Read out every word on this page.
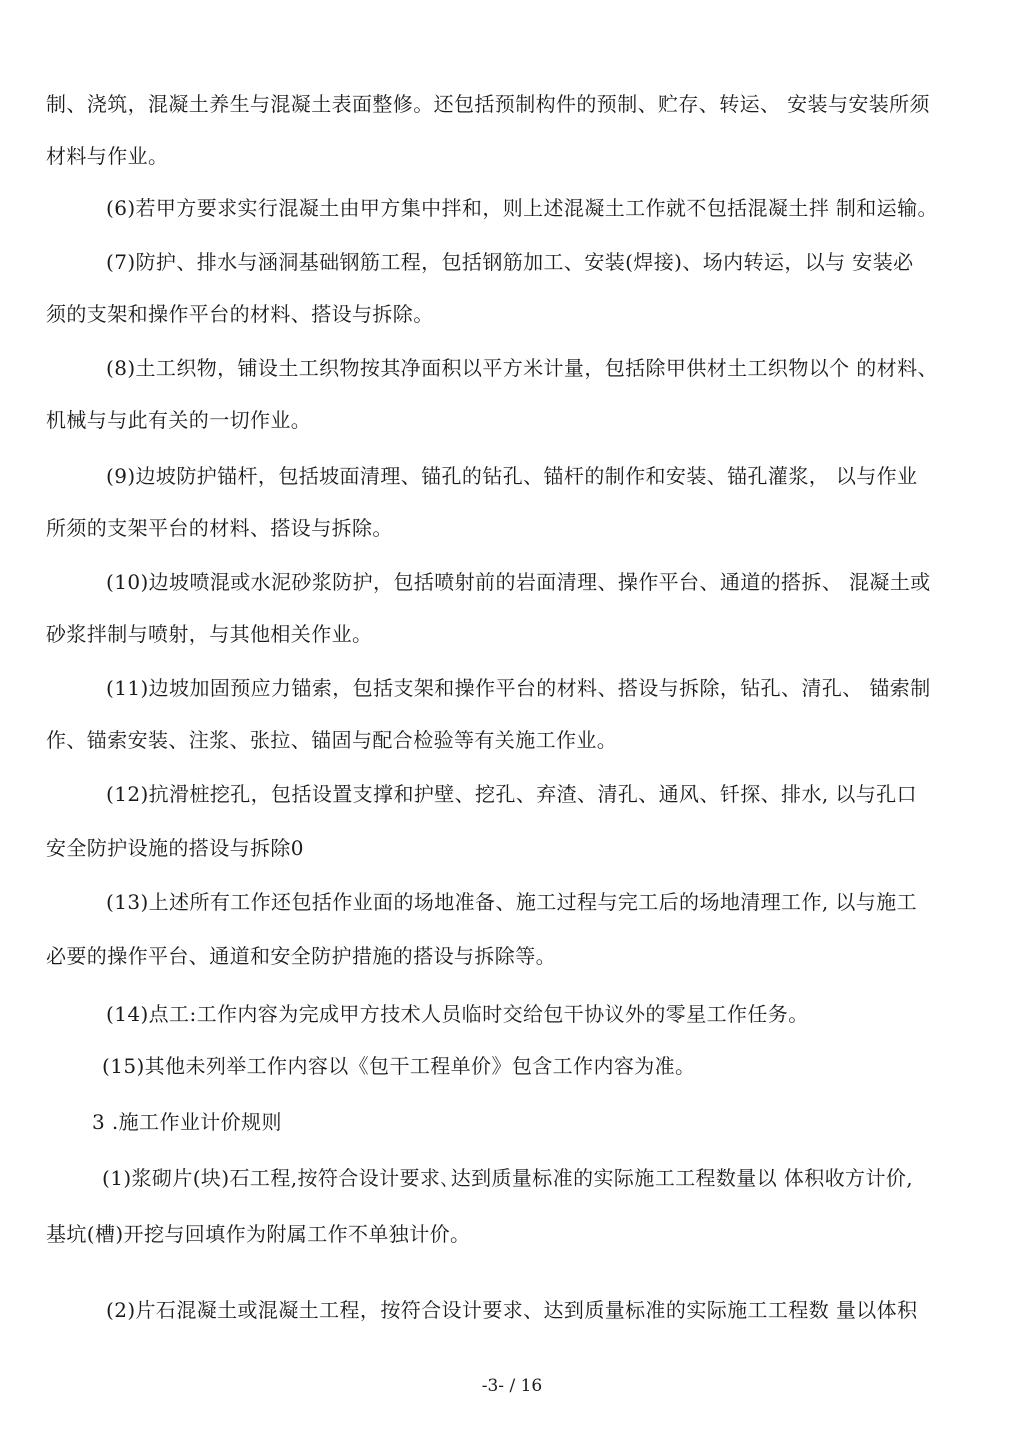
制、浇筑，混凝土养生与混凝土表面整修。还包括预制构件的预制、贮存、转运、 安装与安装所须
材料与作业。
(6)若甲方要求实行混凝土由甲方集中拌和，则上述混凝土工作就不包括混凝土拌 制和运输。
(7)防护、排水与涵洞基础钢筋工程，包括钢筋加工、安装(焊接)、场内转运，以与 安装必
须的支架和操作平台的材料、搭设与拆除。
(8)土工织物，铺设土工织物按其净面积以平方米计量，包括除甲供材土工织物以个 的材料、
机械与与此有关的一切作业。
(9)边坡防护锚杆，包括坡面清理、锚孔的钻孔、锚杆的制作和安装、锚孔灌浆， 以与作业
所须的支架平台的材料、搭设与拆除。
(10)边坡喷混或水泥砂浆防护，包括喷射前的岩面清理、操作平台、通道的搭拆、 混凝土或
砂浆拌制与喷射，与其他相关作业。
(11)边坡加固预应力锚索，包括支架和操作平台的材料、搭设与拆除，钻孔、清孔、 锚索制
作、锚索安装、注浆、张拉、锚固与配合检验等有关施工作业。
(12)抗滑桩挖孔，包括设置支撑和护壁、挖孔、弃渣、清孔、通风、钎探、排水, 以与孔口
安全防护设施的搭设与拆除0
(13)上述所有工作还包括作业面的场地准备、施工过程与完工后的场地清理工作, 以与施工
必要的操作平台、通道和安全防护措施的搭设与拆除等。
(14)点工:工作内容为完成甲方技术人员临时交给包干协议外的零星工作任务。
(15)其他未列举工作内容以《包干工程单价》包含工作内容为准。
3 .施工作业计价规则
(1)浆砌片(块)石工程,按符合设计要求､达到质量标准的实际施工工程数量以 体积收方计价,
基坑(槽)开挖与回填作为附属工作不单独计价。
(2)片石混凝土或混凝土工程，按符合设计要求、达到质量标准的实际施工工程数 量以体积
-3- / 16
